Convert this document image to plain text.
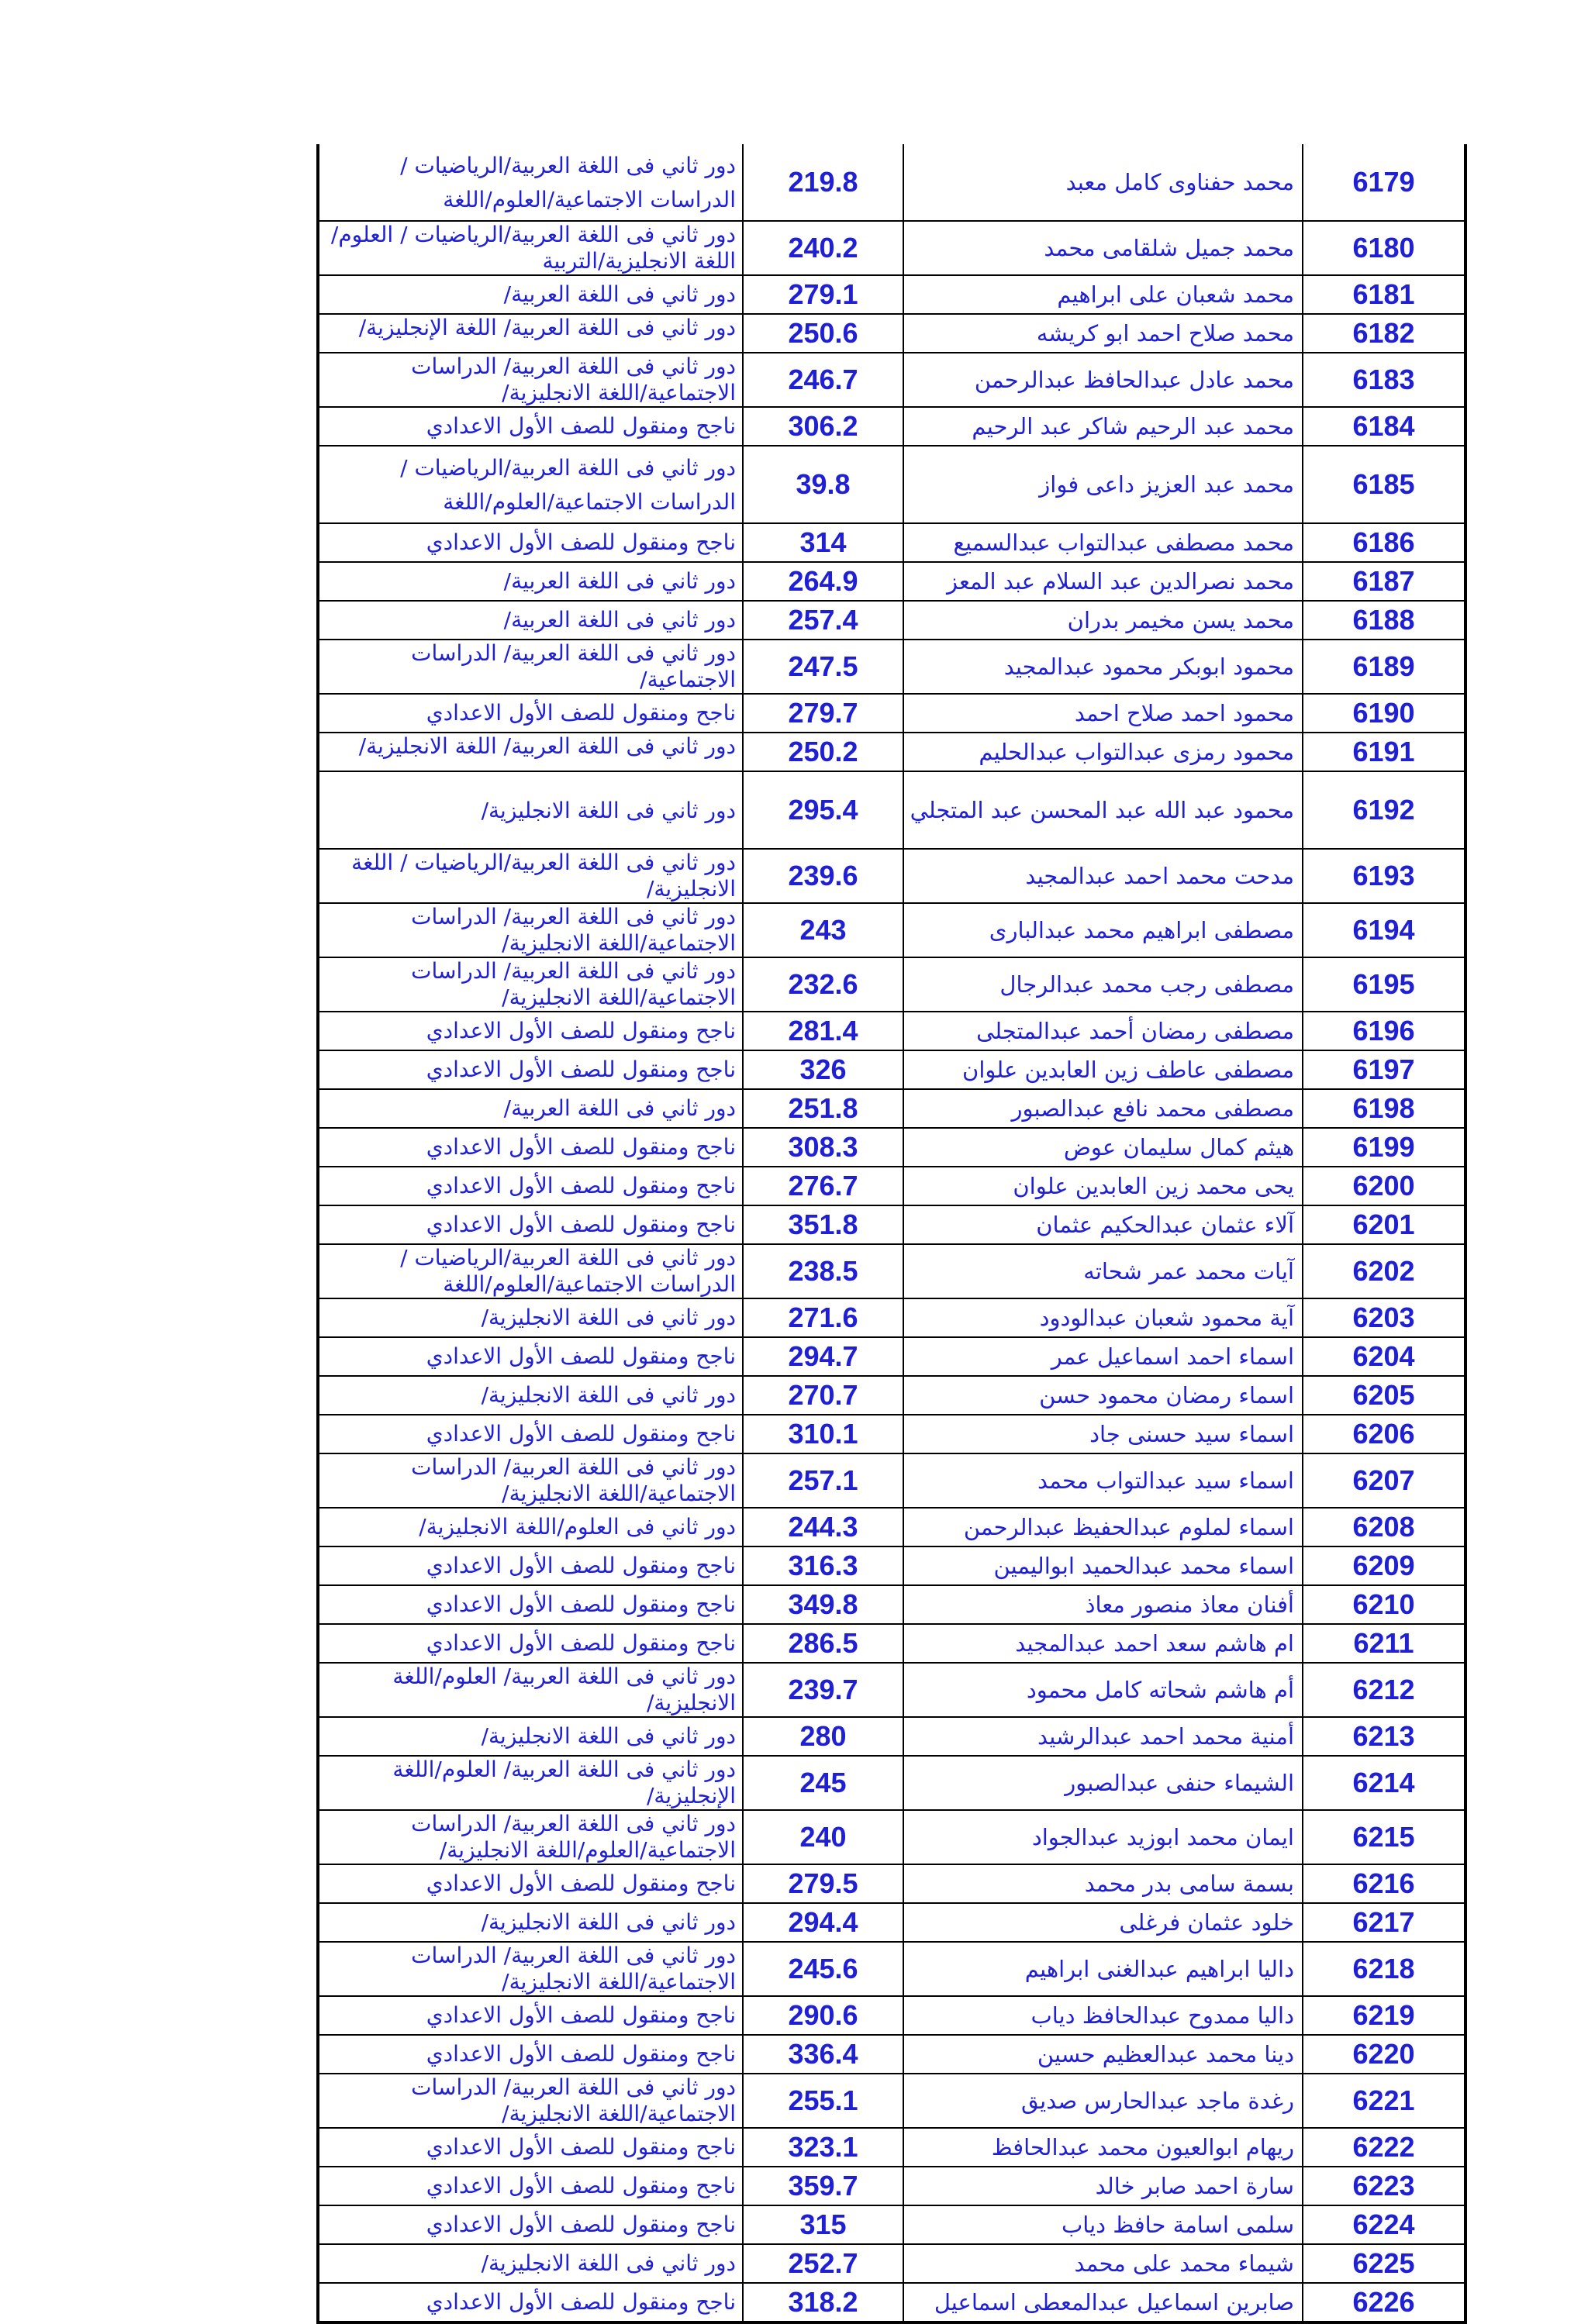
6179	محمد حفناوى كامل معبد	219.8	دور ثاني فى اللغة العربية/الرياضيات / الدراسات الاجتماعية/العلوم/اللغة
6180	محمد جميل شلقامى محمد	240.2	دور ثاني فى اللغة العربية/الرياضيات / العلوم/اللغة الانجليزية/التربية
6181	محمد شعبان على ابراهيم	279.1	دور ثاني فى اللغة العربية/
6182	محمد صلاح احمد ابو كريشه	250.6	دور ثاني فى اللغة العربية/ اللغة الإنجليزية/
6183	محمد عادل عبدالحافظ عبدالرحمن	246.7	دور ثاني فى اللغة العربية/ الدراسات الاجتماعية/اللغة الانجليزية/
6184	محمد عبد الرحيم شاكر عبد الرحيم	306.2	ناجح ومنقول للصف الأول الاعدادي
6185	محمد عبد العزيز داعى فواز	39.8	دور ثاني فى اللغة العربية/الرياضيات / الدراسات الاجتماعية/العلوم/اللغة
6186	محمد مصطفى عبدالتواب عبدالسميع	314	ناجح ومنقول للصف الأول الاعدادي
6187	محمد نصرالدين عبد السلام عبد المعز	264.9	دور ثاني فى اللغة العربية/
6188	محمد يسن مخيمر بدران	257.4	دور ثاني فى اللغة العربية/
6189	محمود ابوبكر محمود عبدالمجيد	247.5	دور ثاني فى اللغة العربية/ الدراسات الاجتماعية/
6190	محمود احمد صلاح احمد	279.7	ناجح ومنقول للصف الأول الاعدادي
6191	محمود رمزى عبدالتواب عبدالحليم	250.2	دور ثاني فى اللغة العربية/ اللغة الانجليزية/
6192	محمود عبد الله عبد المحسن عبد المتجلي	295.4	دور ثاني فى اللغة الانجليزية/
6193	مدحت محمد احمد عبدالمجيد	239.6	دور ثاني فى اللغة العربية/الرياضيات / اللغة الانجليزية/
6194	مصطفى ابراهيم محمد عبدالبارى	243	دور ثاني فى اللغة العربية/ الدراسات الاجتماعية/اللغة الانجليزية/
6195	مصطفى رجب محمد عبدالرجال	232.6	دور ثاني فى اللغة العربية/ الدراسات الاجتماعية/اللغة الانجليزية/
6196	مصطفى رمضان أحمد عبدالمتجلى	281.4	ناجح ومنقول للصف الأول الاعدادي
6197	مصطفى عاطف زين العابدين علوان	326	ناجح ومنقول للصف الأول الاعدادي
6198	مصطفى محمد نافع عبدالصبور	251.8	دور ثاني فى اللغة العربية/
6199	هيثم كمال سليمان عوض	308.3	ناجح ومنقول للصف الأول الاعدادي
6200	يحى محمد زين العابدين علوان	276.7	ناجح ومنقول للصف الأول الاعدادي
6201	آلاء عثمان عبدالحكيم عثمان	351.8	ناجح ومنقول للصف الأول الاعدادي
6202	آيات محمد عمر شحاته	238.5	دور ثاني فى اللغة العربية/الرياضيات / الدراسات الاجتماعية/العلوم/اللغة
6203	آية محمود شعبان عبدالودود	271.6	دور ثاني فى اللغة الانجليزية/
6204	اسماء احمد اسماعيل عمر	294.7	ناجح ومنقول للصف الأول الاعدادي
6205	اسماء رمضان محمود حسن	270.7	دور ثاني فى اللغة الانجليزية/
6206	اسماء سيد حسنى جاد	310.1	ناجح ومنقول للصف الأول الاعدادي
6207	اسماء سيد عبدالتواب محمد	257.1	دور ثاني فى اللغة العربية/ الدراسات الاجتماعية/اللغة الانجليزية/
6208	اسماء لملوم عبدالحفيظ عبدالرحمن	244.3	دور ثاني فى العلوم/اللغة الانجليزية/
6209	اسماء محمد عبدالحميد ابواليمين	316.3	ناجح ومنقول للصف الأول الاعدادي
6210	أفنان معاذ منصور معاذ	349.8	ناجح ومنقول للصف الأول الاعدادي
6211	ام هاشم سعد احمد عبدالمجيد	286.5	ناجح ومنقول للصف الأول الاعدادي
6212	أم هاشم شحاته كامل محمود	239.7	دور ثاني فى اللغة العربية/ العلوم/اللغة الانجليزية/
6213	أمنية محمد احمد عبدالرشيد	280	دور ثاني فى اللغة الانجليزية/
6214	الشيماء حنفى عبدالصبور	245	دور ثاني فى اللغة العربية/ العلوم/اللغة الإنجليزية/
6215	ايمان محمد ابوزيد عبدالجواد	240	دور ثاني فى اللغة العربية/ الدراسات الاجتماعية/العلوم/اللغة الانجليزية/
6216	بسمة سامى بدر محمد	279.5	ناجح ومنقول للصف الأول الاعدادي
6217	خلود عثمان فرغلى	294.4	دور ثاني فى اللغة الانجليزية/
6218	داليا ابراهيم عبدالغنى ابراهيم	245.6	دور ثاني فى اللغة العربية/ الدراسات الاجتماعية/اللغة الانجليزية/
6219	داليا ممدوح عبدالحافظ دياب	290.6	ناجح ومنقول للصف الأول الاعدادي
6220	دينا محمد عبدالعظيم حسين	336.4	ناجح ومنقول للصف الأول الاعدادي
6221	رغدة ماجد عبدالحارس صديق	255.1	دور ثاني فى اللغة العربية/ الدراسات الاجتماعية/اللغة الانجليزية/
6222	ريهام ابوالعيون محمد عبدالحافظ	323.1	ناجح ومنقول للصف الأول الاعدادي
6223	سارة احمد صابر خالد	359.7	ناجح ومنقول للصف الأول الاعدادي
6224	سلمى اسامة حافظ دياب	315	ناجح ومنقول للصف الأول الاعدادي
6225	شيماء محمد على محمد	252.7	دور ثاني فى اللغة الانجليزية/
6226	صابرين اسماعيل عبدالمعطى اسماعيل	318.2	ناجح ومنقول للصف الأول الاعدادي
